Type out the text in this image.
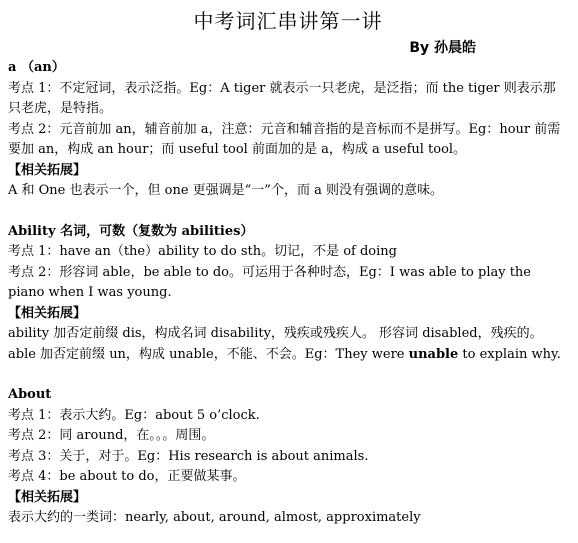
中考词汇串讲第一讲
By 孙晨皓
a （an）
考点 1：不定冠词，表示泛指。Eg：A tiger 就表示一只老虎，是泛指；而 the tiger 则表示那只老虎，是特指。
考点 2：元音前加 an，辅音前加 a，注意：元音和辅音指的是音标而不是拼写。Eg：hour 前需要加 an，构成 an hour；而 useful tool 前面加的是 a，构成 a useful tool。
【相关拓展】
A 和 One 也表示一个，但 one 更强调是“一”个，而 a 则没有强调的意味。
Ability 名词，可数（复数为 abilities）
考点 1：have an（the）ability to do sth。切记，不是 of doing
考点 2：形容词 able，be able to do。可运用于各种时态，Eg：I was able to play the piano when I was young.
【相关拓展】
ability 加否定前缀 dis，构成名词 disability，残疾或残疾人。 形容词 disabled，残疾的。
able 加否定前缀 un，构成 unable，不能、不会。Eg：They were unable to explain why.
About
考点 1：表示大约。Eg：about 5 o’clock.
考点 2：同 around，在。。。周围。
考点 3：关于，对于。Eg：His research is about animals.
考点 4：be about to do，正要做某事。
【相关拓展】
表示大约的一类词：nearly, about, around, almost, approximately
